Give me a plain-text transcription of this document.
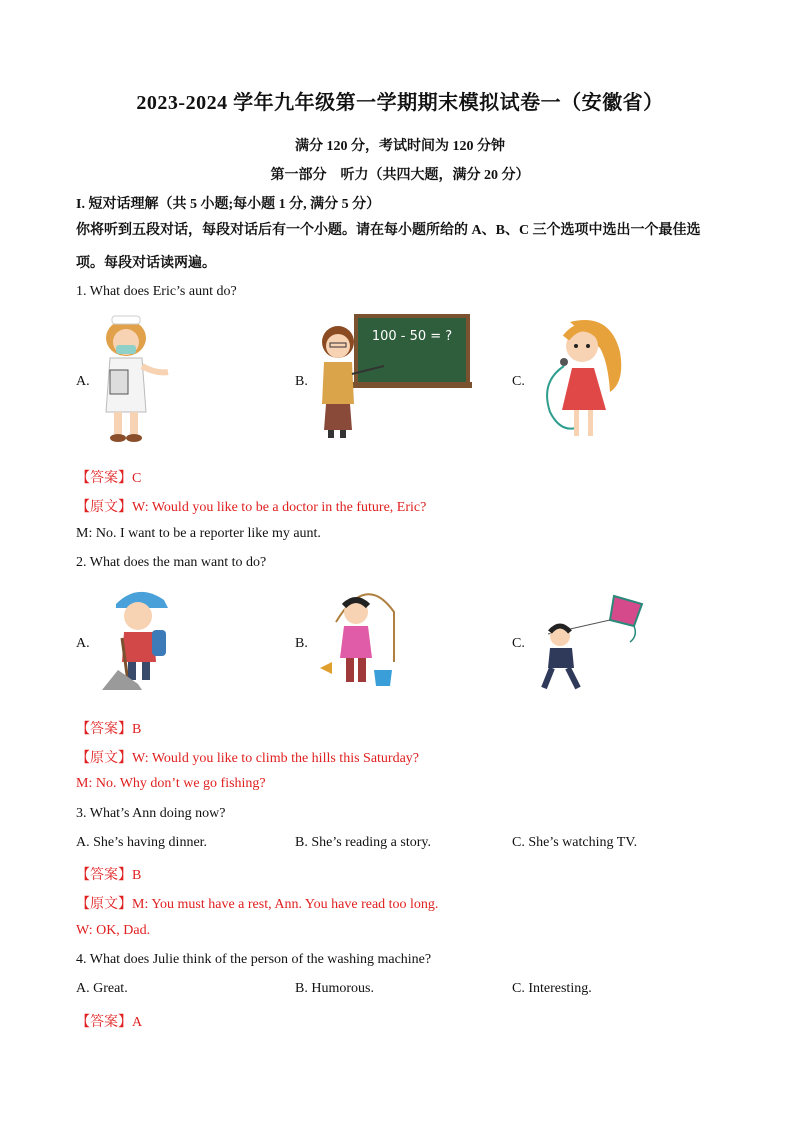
2023-2024 学年九年级第一学期期末模拟试卷一（安徽省）
满分 120 分，考试时间为 120 分钟
第一部分　听力（共四大题，满分 20 分）
I. 短对话理解（共 5 小题;每小题 1 分, 满分 5 分）
你将听到五段对话，每段对话后有一个小题。请在每小题所给的 A、B、C 三个选项中选出一个最佳选项。每段对话读两遍。
1. What does Eric’s aunt do?
A.	B.
100 - 50 = ?
C.
【答案】C
【原文】W: Would you like to be a doctor in the future, Eric?
M: No. I want to be a reporter like my aunt.
2. What does the man want to do?
A.	B.	C.
【答案】B
【原文】W: Would you like to climb the hills this Saturday?
M: No. Why don’t we go fishing?
3. What’s Ann doing now?
A. She’s having dinner.	B. She’s reading a story.	C. She’s watching TV.
【答案】B
【原文】M: You must have a rest, Ann. You have read too long.
W: OK, Dad.
4. What does Julie think of the person of the washing machine?
A. Great.	B. Humorous.	C. Interesting.
【答案】A
